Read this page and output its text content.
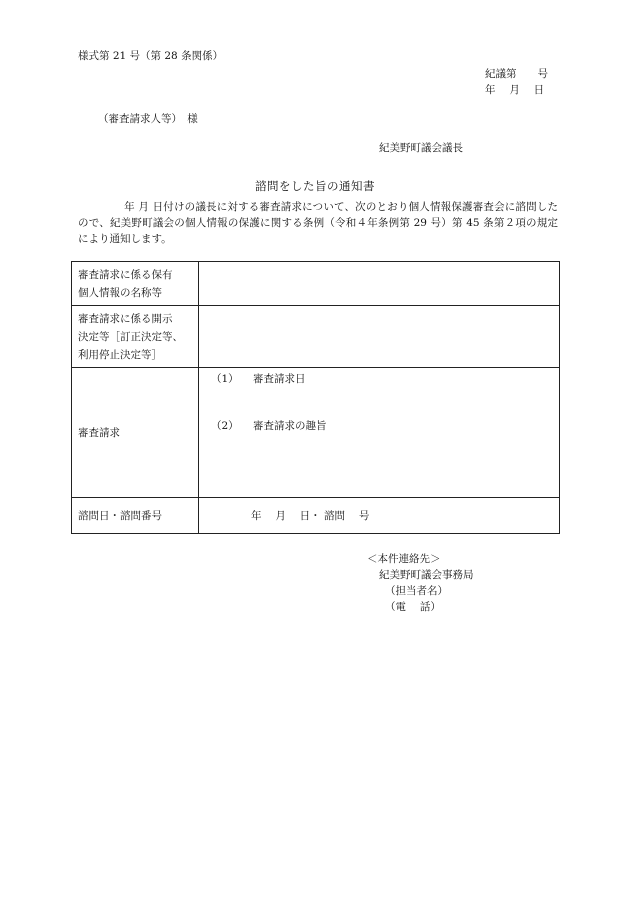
様式第 21 号（第 28 条関係）
紀議第　　号
年　 月　 日
（審査請求人等）　様
紀美野町議会議長
諮問をした旨の通知書
年 月 日付けの議長に対する審査請求について、次のとおり個人情報保護審査会に諮問したので、紀美野町議会の個人情報の保護に関する条例（令和４年条例第 29 号）第 45 条第２項の規定により通知します。
審査請求に係る保有
個人情報の名称等	

審査請求に係る開示
決定等［訂正決定等、
利用停止決定等］	

審査請求	（1） 審査請求日
（2） 審査請求の趣旨

諮問日・諮問番号	年　 月　 日・ 諮問　 号
＜本件連絡先＞
紀美野町議会事務局
（担当者名）
（電　 話）
